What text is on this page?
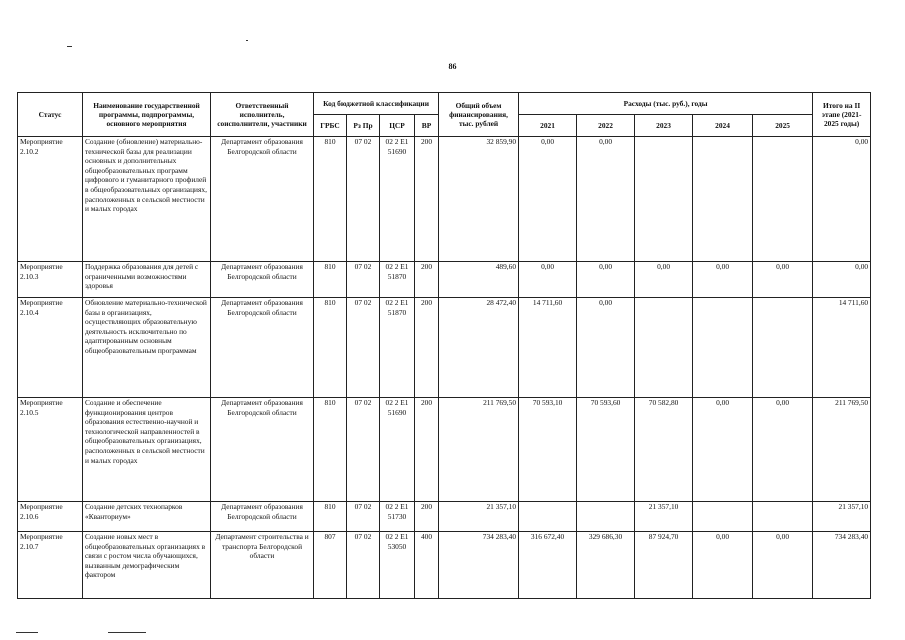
86
Статус	Наименование государственной программы, подпрограммы, основного мероприятия	Ответственный исполнитель, соисполнители, участники	Код бюджетной классификации				Общий объем финансирования, тыс. рублей	Расходы (тыс. руб.), годы					Итого на II этапе (2021-2025 годы)
			ГРБС	Рз Пр	ЦСР	ВР		2021	2022	2023	2024	2025	

Мероприятие 2.10.2	Создание (обновление) материально-технической базы для реализации основных и дополнительных общеобразовательных программ цифрового и гуманитарного профилей в общеобразовательных организациях, расположенных в сельской местности и малых городах	Департамент образования Белгородской области	810	07 02	02 2 E1 51690	200	32 859,90	0,00	0,00				0,00
Мероприятие 2.10.3	Поддержка образования для детей с ограниченными возможностями здоровья	Департамент образования Белгородской области	810	07 02	02 2 E1 51870	200	489,60	0,00	0,00	0,00	0,00	0,00	0,00
Мероприятие 2.10.4	Обновление материально-технической базы в организациях, осуществляющих образовательную деятельность исключительно по адаптированным основным общеобразовательным программам	Департамент образования Белгородской области	810	07 02	02 2 E1 51870	200	28 472,40	14 711,60	0,00				14 711,60
Мероприятие 2.10.5	Создание и обеспечение функционирования центров образования естественно-научной и технологической направленностей в общеобразовательных организациях, расположенных в сельской местности и малых городах	Департамент образования Белгородской области	810	07 02	02 2 E1 51690	200	211 769,50	70 593,10	70 593,60	70 582,80	0,00	0,00	211 769,50
Мероприятие 2.10.6	Создание детских технопарков «Кванториум»	Департамент образования Белгородской области	810	07 02	02 2 E1 51730	200	21 357,10			21 357,10			21 357,10
Мероприятие 2.10.7	Создание новых мест в общеобразовательных организациях в связи с ростом числа обучающихся, вызванным демографическим фактором	Департамент строительства и транспорта Белгородской области	807	07 02	02 2 E1 53050	400	734 283,40	316 672,40	329 686,30	87 924,70	0,00	0,00	734 283,40
